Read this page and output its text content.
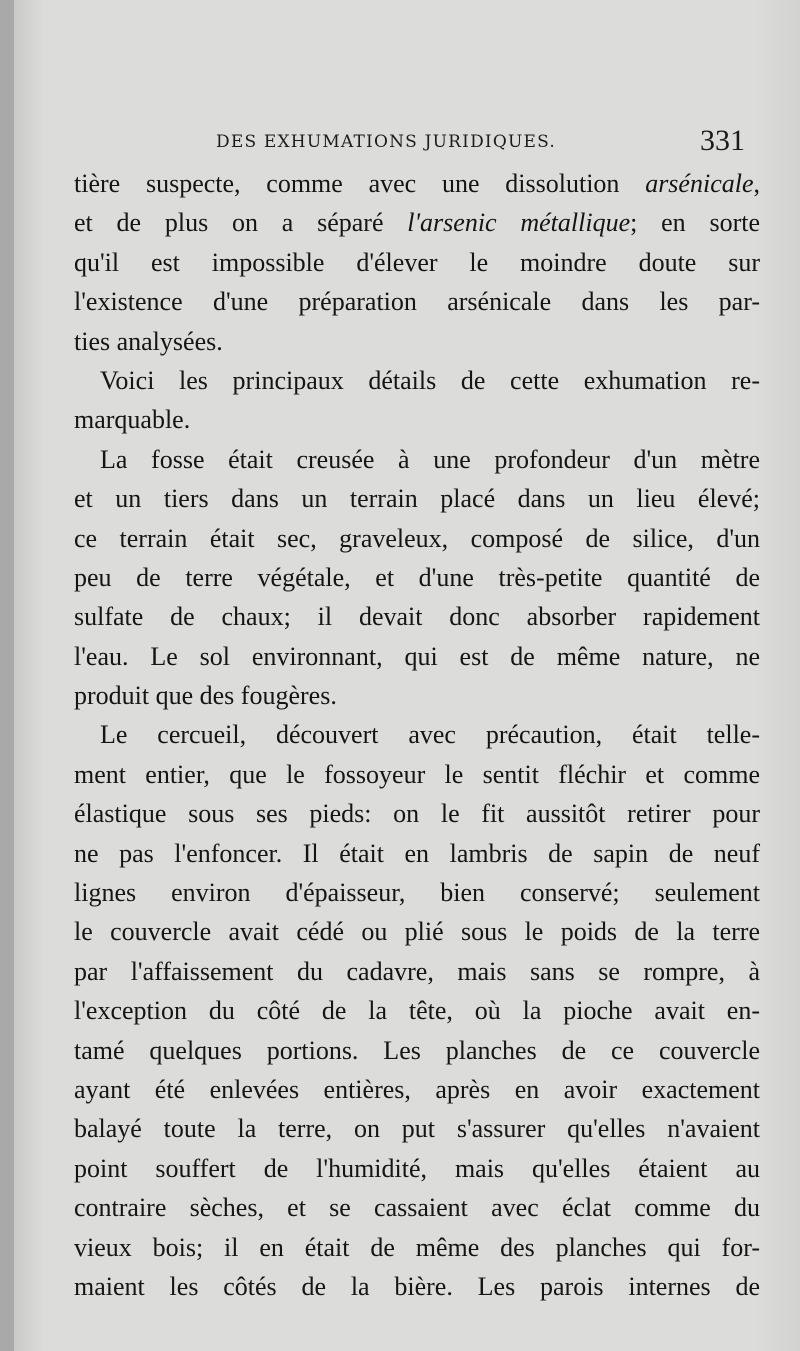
DES EXHUMATIONS JURIDIQUES.	331
tière suspecte, comme avec une dissolution arsénicale,
et de plus on a séparé l'arsenic métallique; en sorte
qu'il est impossible d'élever le moindre doute sur
l'existence d'une préparation arsénicale dans les par-
ties analysées.
Voici les principaux détails de cette exhumation re-
marquable.
La fosse était creusée à une profondeur d'un mètre
et un tiers dans un terrain placé dans un lieu élevé;
ce terrain était sec, graveleux, composé de silice, d'un
peu de terre végétale, et d'une très-petite quantité de
sulfate de chaux; il devait donc absorber rapidement
l'eau. Le sol environnant, qui est de même nature, ne
produit que des fougères.
Le cercueil, découvert avec précaution, était telle-
ment entier, que le fossoyeur le sentit fléchir et comme
élastique sous ses pieds: on le fit aussitôt retirer pour
ne pas l'enfoncer. Il était en lambris de sapin de neuf
lignes environ d'épaisseur, bien conservé; seulement
le couvercle avait cédé ou plié sous le poids de la terre
par l'affaissement du cadavre, mais sans se rompre, à
l'exception du côté de la tête, où la pioche avait en-
tamé quelques portions. Les planches de ce couvercle
ayant été enlevées entières, après en avoir exactement
balayé toute la terre, on put s'assurer qu'elles n'avaient
point souffert de l'humidité, mais qu'elles étaient au
contraire sèches, et se cassaient avec éclat comme du
vieux bois; il en était de même des planches qui for-
maient les côtés de la bière. Les parois internes de
